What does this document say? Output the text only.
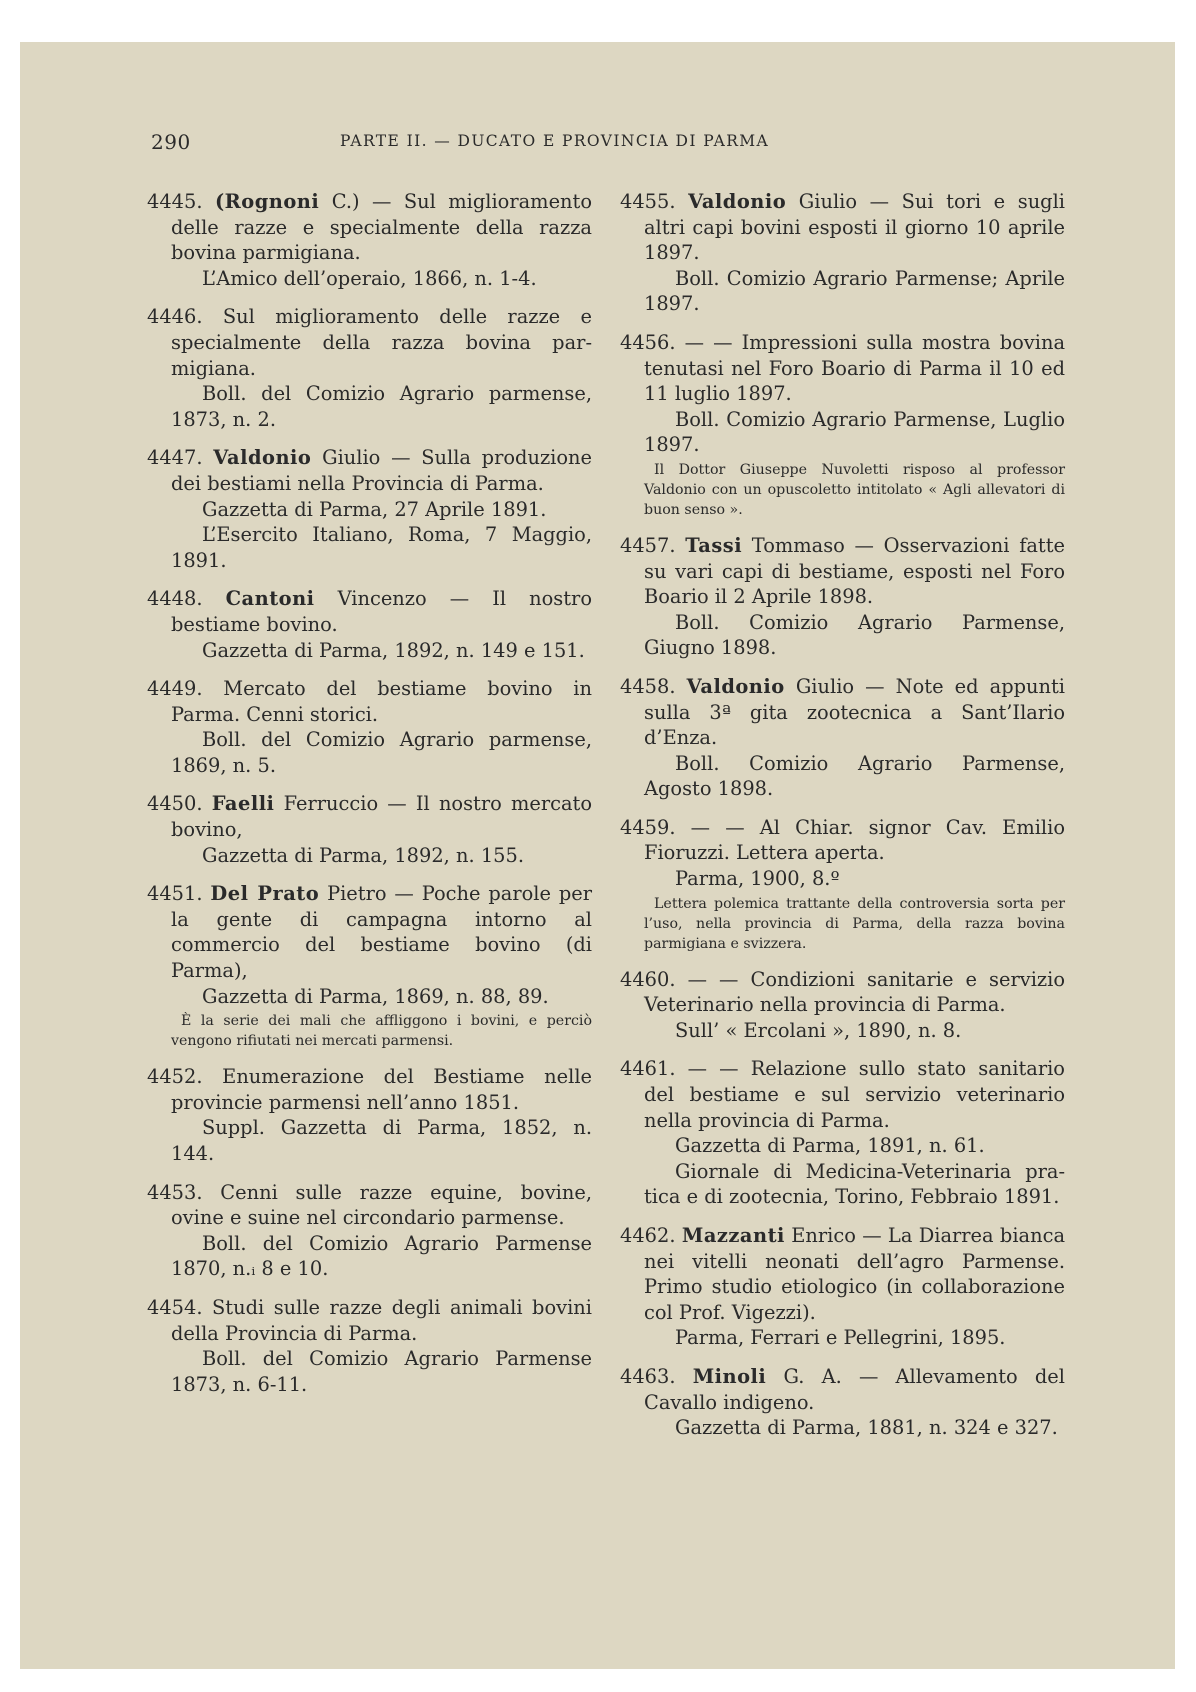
290	PARTE II. — DUCATO E PROVINCIA DI PARMA

4445. (Rognoni C.) — Sul miglioramento delle razze e specialmente della razza bovina parmigiana.

L’Amico dell’operaio, 1866, n. 1-4.

4446. Sul miglioramento delle razze e specialmente della razza bovina parmigiana.

Boll. del Comizio Agrario parmense, 1873, n. 2.

4447. Valdonio Giulio — Sulla produzione dei bestiami nella Provincia di Parma.

Gazzetta di Parma, 27 Aprile 1891.

L’Esercito Italiano, Roma, 7 Maggio, 1891.

4448. Cantoni Vincenzo — Il nostro bestiame bovino.

Gazzetta di Parma, 1892, n. 149 e 151.

4449. Mercato del bestiame bovino in Parma. Cenni storici.

Boll. del Comizio Agrario parmense, 1869, n. 5.

4450. Faelli Ferruccio — Il nostro mercato bovino,

Gazzetta di Parma, 1892, n. 155.

4451. Del Prato Pietro — Poche parole per la gente di campagna intorno al commercio del bestiame bovino (di Parma),

Gazzetta di Parma, 1869, n. 88, 89.

È la serie dei mali che affliggono i bovini, e perciò vengono rifiutati nei mercati parmensi.

4452. Enumerazione del Bestiame nelle provincie parmensi nell’anno 1851.

Suppl. Gazzetta di Parma, 1852, n. 144.

4453. Cenni sulle razze equine, bovine, ovine e suine nel circondario parmense.

Boll. del Comizio Agrario Parmense 1870, n.ᵢ 8 e 10.

4454. Studi sulle razze degli animali bovini della Provincia di Parma.

Boll. del Comizio Agrario Parmense 1873, n. 6-11.

4455. Valdonio Giulio — Sui tori e sugli altri capi bovini esposti il giorno 10 aprile 1897.

Boll. Comizio Agrario Parmense; Aprile 1897.

4456. — — Impressioni sulla mostra bovina tenutasi nel Foro Boario di Parma il 10 ed 11 luglio 1897.

Boll. Comizio Agrario Parmense, Luglio 1897.

Il Dottor Giuseppe Nuvoletti risposo al professor Valdonio con un opuscoletto intitolato « Agli allevatori di buon senso ».

4457. Tassi Tommaso — Osservazioni fatte su vari capi di bestiame, esposti nel Foro Boario il 2 Aprile 1898.

Boll. Comizio Agrario Parmense, Giugno 1898.

4458. Valdonio Giulio — Note ed appunti sulla 3ª gita zootecnica a Sant’Ilario d’Enza.

Boll. Comizio Agrario Parmense, Agosto 1898.

4459. — — Al Chiar. signor Cav. Emilio Fioruzzi. Lettera aperta.

Parma, 1900, 8.º

Lettera polemica trattante della controversia sorta per l’uso, nella provincia di Parma, della razza bovina parmigiana e svizzera.

4460. — — Condizioni sanitarie e servizio Veterinario nella provincia di Parma.

Sull’ « Ercolani », 1890, n. 8.

4461. — — Relazione sullo stato sanitario del bestiame e sul servizio veterinario nella provincia di Parma.

Gazzetta di Parma, 1891, n. 61.

Giornale di Medicina-Veterinaria pratica e di zootecnia, Torino, Febbraio 1891.

4462. Mazzanti Enrico — La Diarrea bianca nei vitelli neonati dell’agro Parmense. Primo studio etiologico (in collaborazione col Prof. Vigezzi).

Parma, Ferrari e Pellegrini, 1895.

4463. Minoli G. A. — Allevamento del Cavallo indigeno.

Gazzetta di Parma, 1881, n. 324 e 327.
